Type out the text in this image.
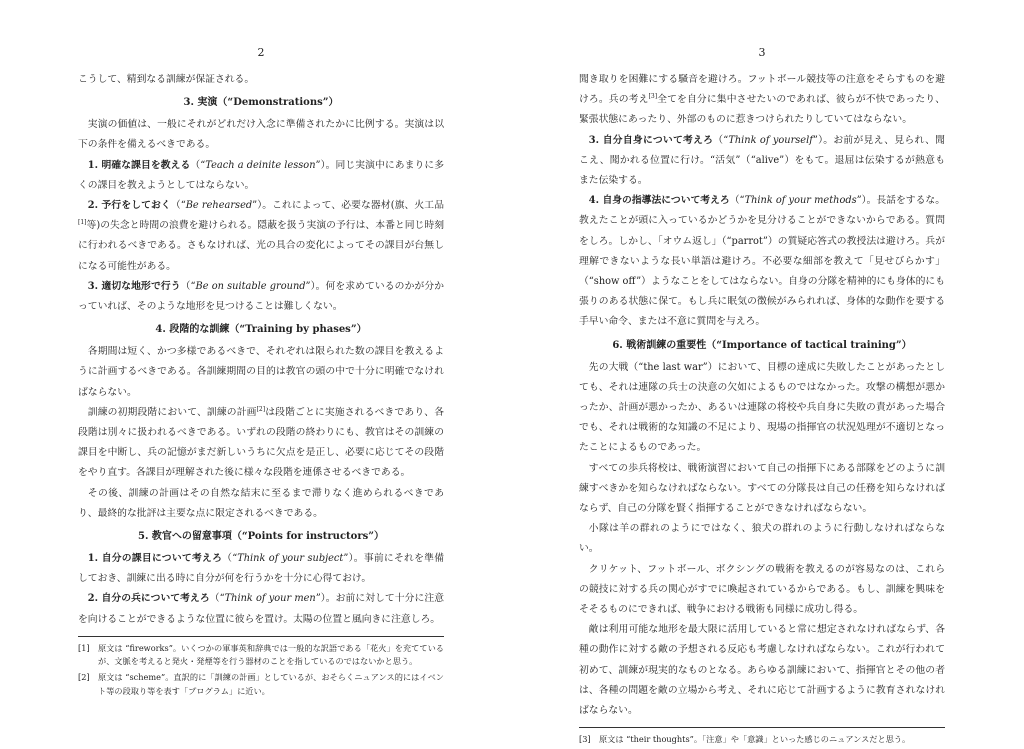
2

こうして、精到なる訓練が保証される。

3. 実演（“Demonstrations”）

実演の価値は、一般にそれがどれだけ入念に準備されたかに比例する。実演は以下の条件を備えるべきである。

1. 明確な課目を教える（“Teach a deinite lesson”）。同じ実演中にあまりに多くの課目を教えようとしてはならない。

2. 予行をしておく（“Be rehearsed”）。これによって、必要な器材(旗、火工品[1]等)の失念と時間の浪費を避けられる。隠蔽を扱う実演の予行は、本番と同じ時刻に行われるべきである。さもなければ、光の具合の変化によってその課目が台無しになる可能性がある。

3. 適切な地形で行う（“Be on suitable ground”）。何を求めているのかが分かっていれば、そのような地形を見つけることは難しくない。

4. 段階的な訓練（“Training by phases”）

各期間は短く、かつ多様であるべきで、それぞれは限られた数の課目を教えるように計画するべきである。各訓練期間の目的は教官の頭の中で十分に明確でなければならない。

訓練の初期段階において、訓練の計画[2]は段階ごとに実施されるべきであり、各段階は別々に扱われるべきである。いずれの段階の終わりにも、教官はその訓練の課目を中断し、兵の記憶がまだ新しいうちに欠点を是正し、必要に応じてその段階をやり直す。各課目が理解された後に様々な段階を連係させるべきである。

その後、訓練の計画はその自然な結末に至るまで滞りなく進められるべきであり、最終的な批評は主要な点に限定されるべきである。

5. 教官への留意事項（“Points for instructors”）

1. 自分の課目について考えろ（“Think of your subject”）。事前にそれを準備しておき、訓練に出る時に自分が何を行うかを十分に心得ておけ。

2. 自分の兵について考えろ（“Think of your men”）。お前に対して十分に注意を向けることができるような位置に彼らを置け。太陽の位置と風向きに注意しろ。

[1]	原文は “fireworks”。いくつかの軍事英和辞典では一般的な訳語である「花火」を充てているが、文脈を考えると発火・発煙等を行う器材のことを指しているのではないかと思う。
[2]	原文は “scheme”。直訳的に「訓練の計画」としているが、おそらくニュアンス的にはイベント等の段取り等を表す「プログラム」に近い。
3

聞き取りを困難にする騒音を避けろ。フットボール競技等の注意をそらすものを避けろ。兵の考え[3]全てを自分に集中させたいのであれば、彼らが不快であったり、緊張状態にあったり、外部のものに惹きつけられたりしていてはならない。

3. 自分自身について考えろ（“Think of yourself”）。お前が見え、見られ、聞こえ、聞かれる位置に行け。“活気”（“alive”）をもて。退屈は伝染するが熱意もまた伝染する。

4. 自身の指導法について考えろ（“Think of your methods”）。長話をするな。教えたことが頭に入っているかどうかを見分けることができないからである。質問をしろ。しかし、「オウム返し」（“parrot”）の質疑応答式の教授法は避けろ。兵が理解できないような長い単語は避けろ。不必要な細部を教えて「見せびらかす」（“show off”）ようなことをしてはならない。自身の分隊を精神的にも身体的にも張りのある状態に保て。もし兵に眠気の徴候がみられれば、身体的な動作を要する手早い命令、または不意に質問を与えろ。

6. 戦術訓練の重要性（“Importance of tactical training”）

先の大戦（“the last war”）において、目標の達成に失敗したことがあったとしても、それは連隊の兵士の決意の欠如によるものではなかった。攻撃の構想が悪かったか、計画が悪かったか、あるいは連隊の将校や兵自身に失敗の責があった場合でも、それは戦術的な知識の不足により、現場の指揮官の状況処理が不適切となったことによるものであった。

すべての歩兵将校は、戦術演習において自己の指揮下にある部隊をどのように訓練すべきかを知らなければならない。すべての分隊長は自己の任務を知らなければならず、自己の分隊を賢く指揮することができなければならない。

小隊は羊の群れのようにではなく、狼犬の群れのように行動しなければならない。

クリケット、フットボール、ボクシングの戦術を教えるのが容易なのは、これらの競技に対する兵の関心がすでに喚起されているからである。もし、訓練を興味をそそるものにできれば、戦争における戦術も同様に成功し得る。

敵は利用可能な地形を最大限に活用していると常に想定されなければならず、各種の動作に対する敵の予想される反応も考慮しなければならない。これが行われて初めて、訓練が現実的なものとなる。あらゆる訓練において、指揮官とその他の者は、各種の問題を敵の立場から考え、それに応じて計画するように教育されなければならない。

[3]	原文は “their thoughts”。「注意」や「意識」といった感じのニュアンスだと思う。
